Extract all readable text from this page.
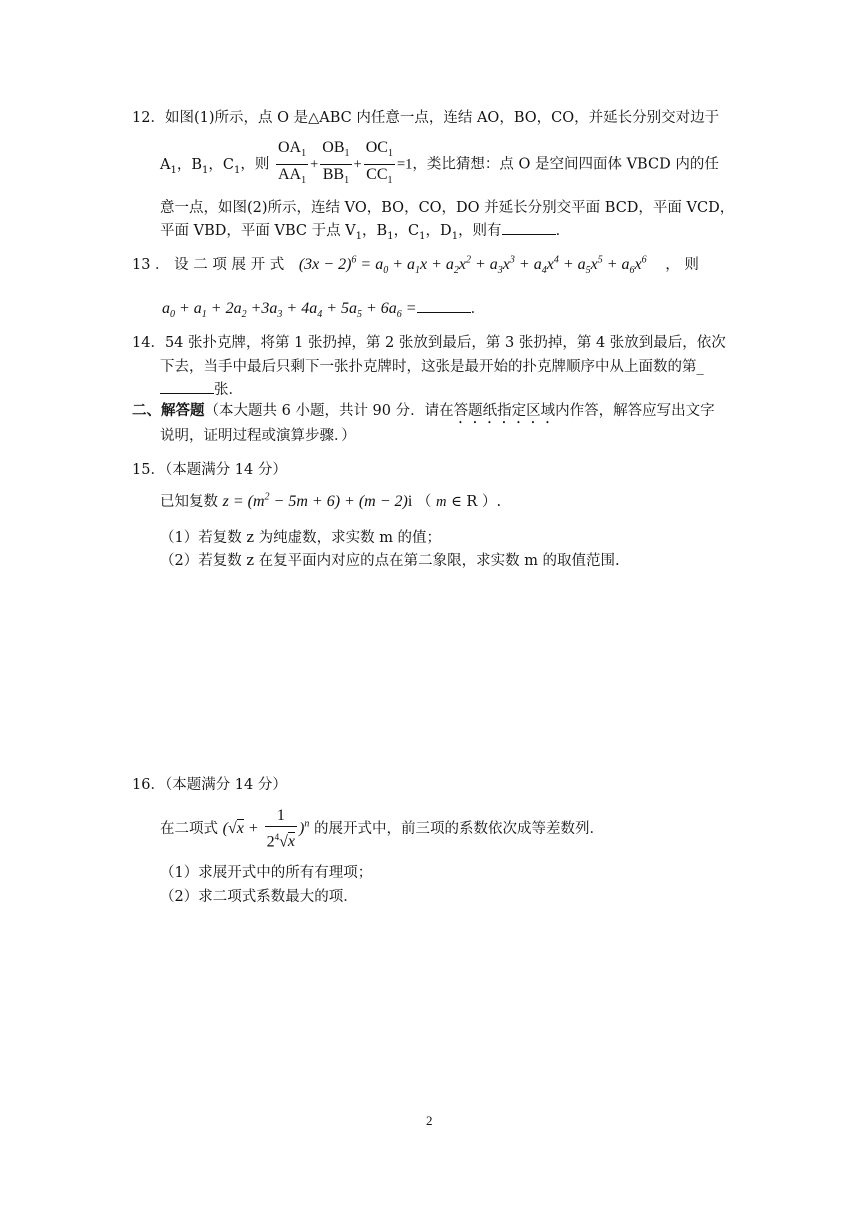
12．如图(1)所示，点 O 是△ABC 内任意一点，连结 AO，BO，CO，并延长分别交对边于
$A_1$，$B_1$，$C_1$，则 $\frac{OA_1}{AA_1} + \frac{OB_1}{BB_1} + \frac{OC_1}{CC_1} =1$，类比猜想：点 O 是空间四面体 VBCD 内的任
意一点，如图(2)所示，连结 VO，BO，CO，DO 并延长分别交平面 BCD，平面 VCD，
平面 VBD，平面 VBC 于点 $V_1$，$B_1$，$C_1$，$D_1$，则有	．
13 ． 设 二 项 展 开 式 $(3x - 2)^6 = a_0 + a_1x + a_2x^2 + a_3x^3 + a_4x^4 + a_5x^5 + a_6x^6$ ， 则
$a_0 + a_1 + 2a_2 +3a_3 + 4a_4 + 5a_5 + 6a_6$ =	．
14．54 张扑克牌，将第 1 张扔掉，第 2 张放到最后，第 3 张扔掉，第 4 张放到最后，依次
下去，当手中最后只剩下一张扑克牌时，这张是最开始的扑克牌顺序中从上面数的第_
张．
二、解答题（本大题共 6 小题，共计 90 分．请在答题纸指定区域内作答，解答应写出文字
说明，证明过程或演算步骤．）
15．（本题满分 14 分）
已知复数 $z = (m^2 - 5m + 6) + (m - 2)i$ （ m ∈ R ）.
（1）若复数 z 为纯虚数，求实数 m 的值；
（2）若复数 z 在复平面内对应的点在第二象限，求实数 m 的取值范围.
16．（本题满分 14 分）
在二项式 $(√x + \frac{1}{2^4√x} )^n$ 的展开式中，前三项的系数依次成等差数列．
（1）求展开式中的所有有理项；
（2）求二项式系数最大的项．
2
